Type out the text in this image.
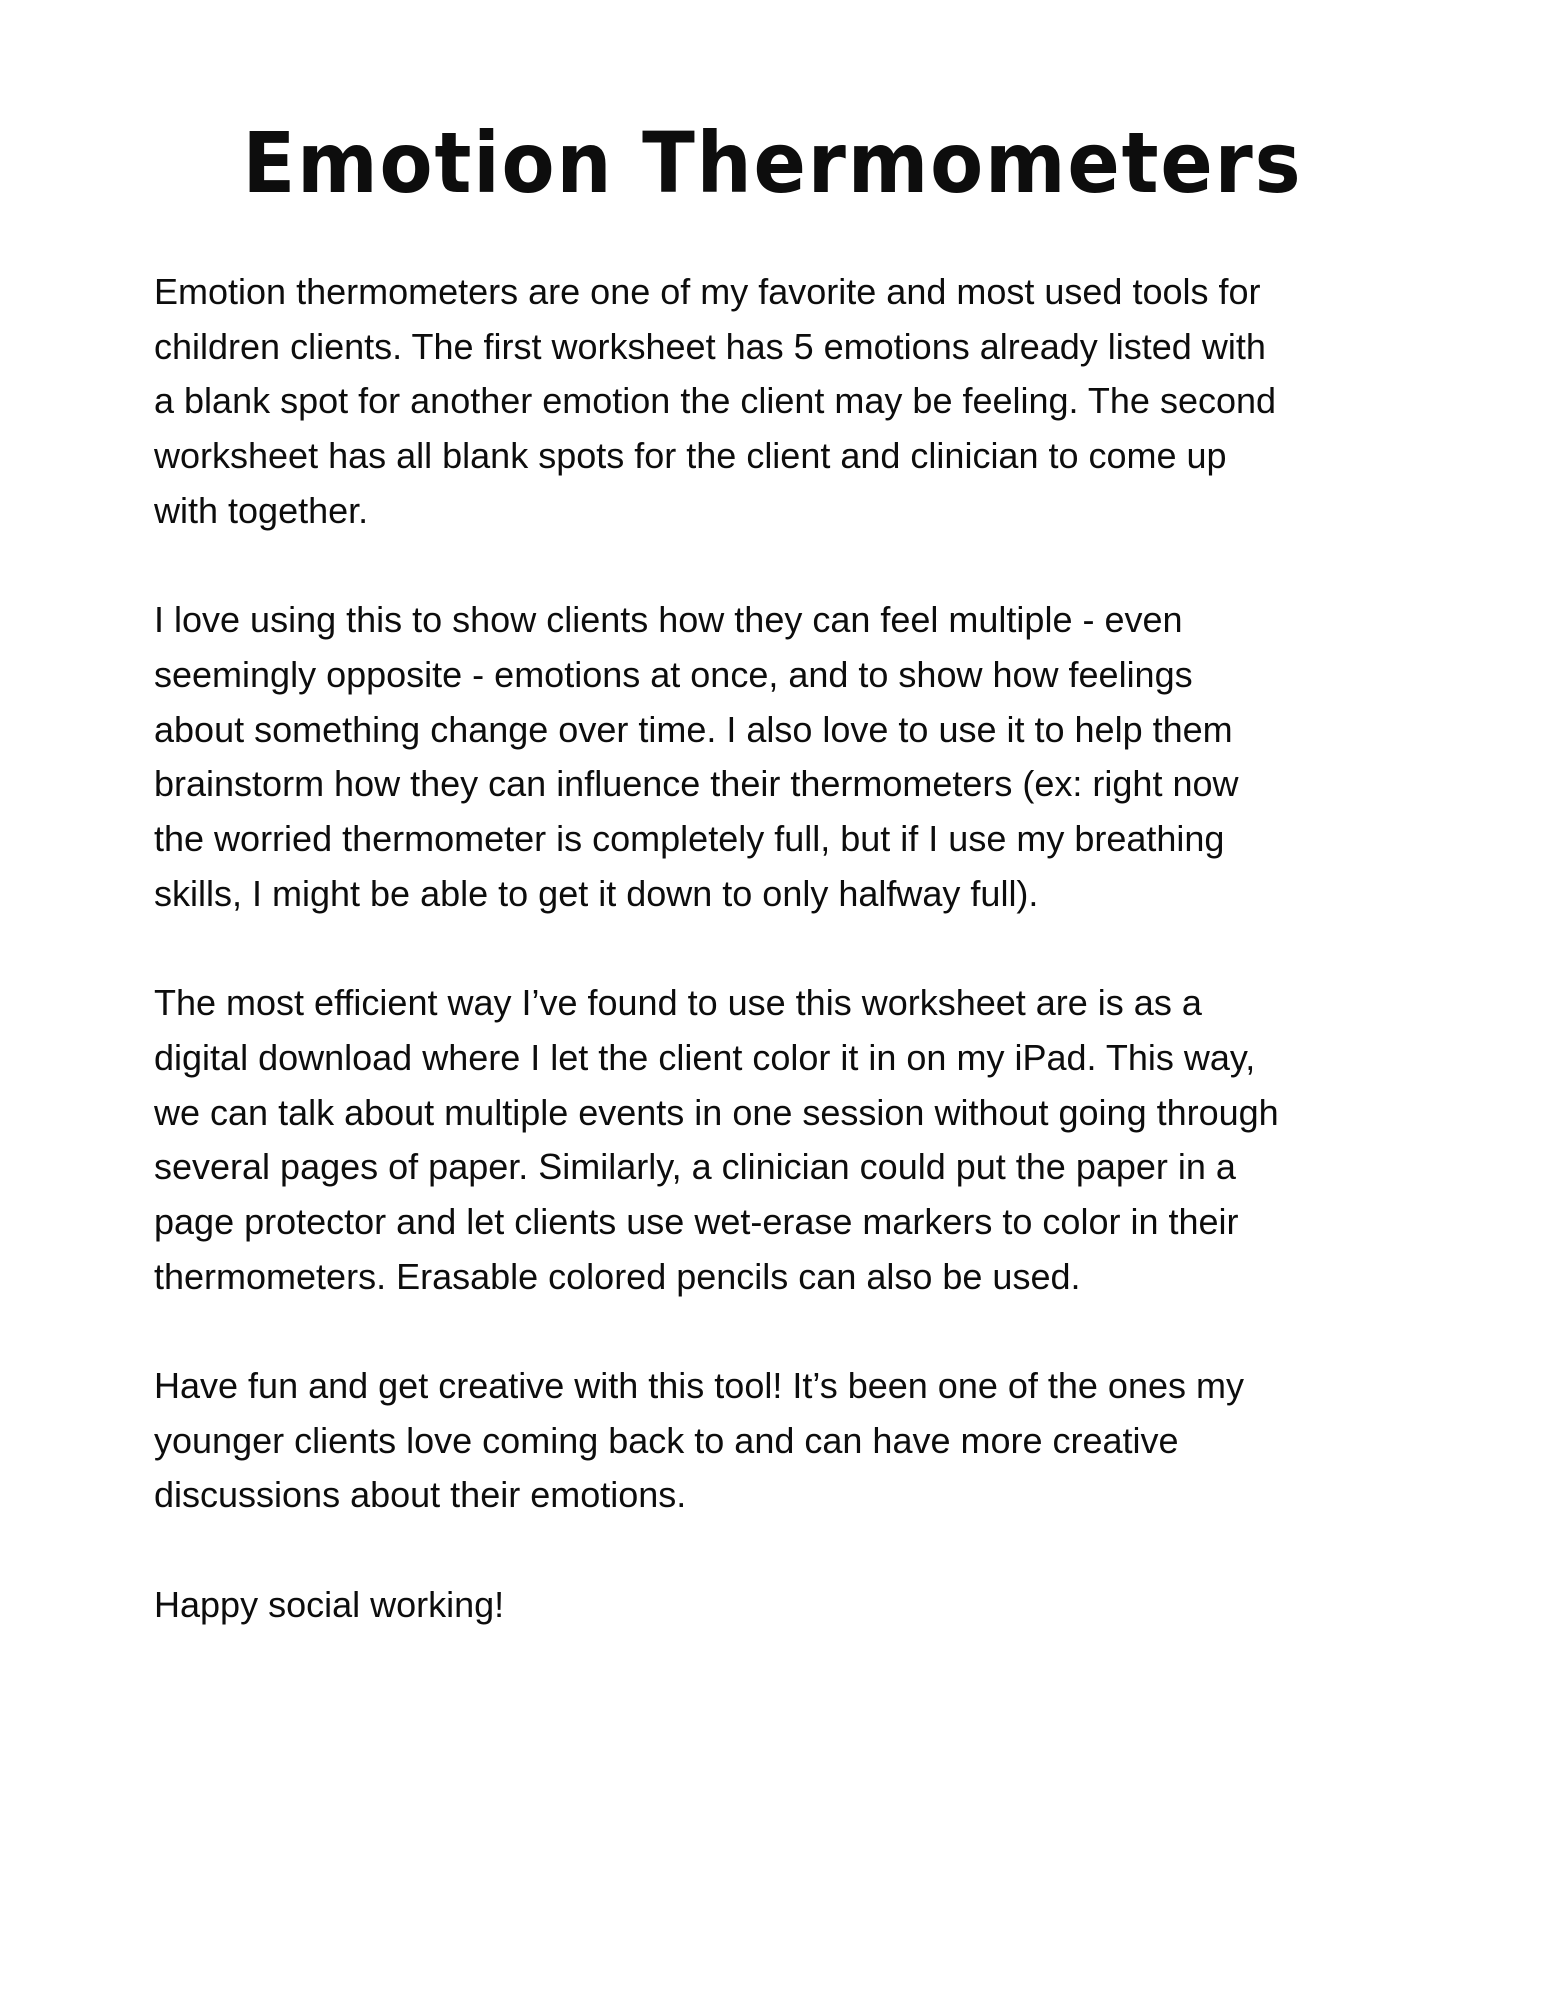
Emotion Thermometers

Emotion thermometers are one of my favorite and most used tools for
children clients. The first worksheet has 5 emotions already listed with
a blank spot for another emotion the client may be feeling. The second
worksheet has all blank spots for the client and clinician to come up
with together.

I love using this to show clients how they can feel multiple - even
seemingly opposite - emotions at once, and to show how feelings
about something change over time. I also love to use it to help them
brainstorm how they can influence their thermometers (ex: right now
the worried thermometer is completely full, but if I use my breathing
skills, I might be able to get it down to only halfway full).

The most efficient way I’ve found to use this worksheet are is as a
digital download where I let the client color it in on my iPad. This way,
we can talk about multiple events in one session without going through
several pages of paper. Similarly, a clinician could put the paper in a
page protector and let clients use wet-erase markers to color in their
thermometers. Erasable colored pencils can also be used.

Have fun and get creative with this tool! It’s been one of the ones my
younger clients love coming back to and can have more creative
discussions about their emotions.

Happy social working!
